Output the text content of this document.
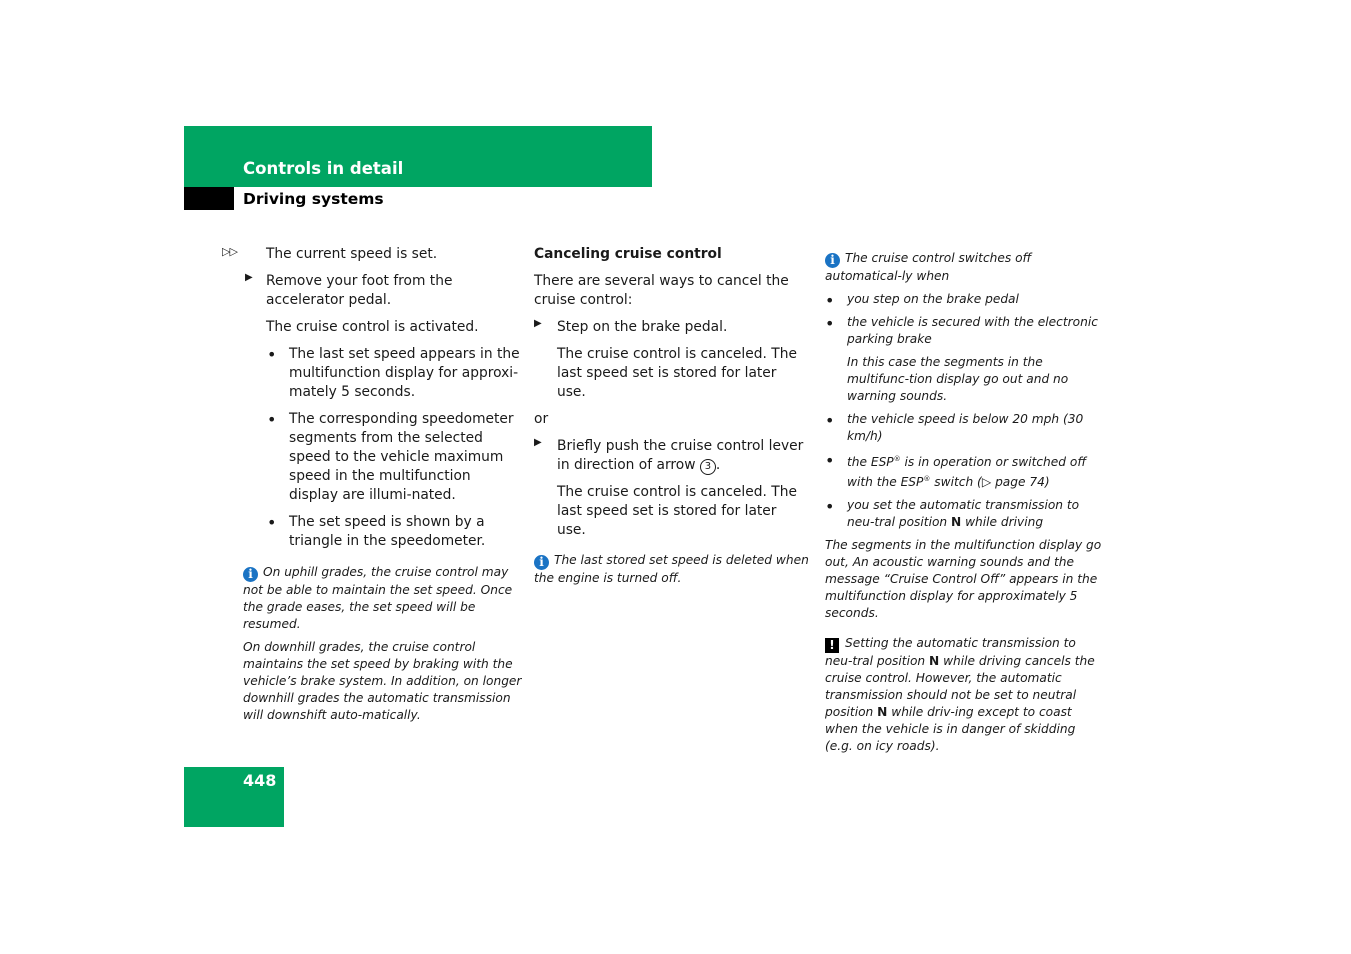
Controls in detail
Driving systems
▷▷ The current speed is set.

▶ Remove your foot from the accelerator pedal.

The cruise control is activated.

• The last set speed appears in the multifunction display for approxi-mately 5 seconds.

• The corresponding speedometer segments from the selected speed to the vehicle maximum speed in the multifunction display are illumi-nated.

• The set speed is shown by a triangle in the speedometer.

i On uphill grades, the cruise control may not be able to maintain the set speed. Once the grade eases, the set speed will be resumed.

On downhill grades, the cruise control maintains the set speed by braking with the vehicle’s brake system. In addition, on longer downhill grades the automatic transmission will downshift auto-matically.

Canceling cruise control

There are several ways to cancel the cruise control:

▶ Step on the brake pedal.

The cruise control is canceled. The last speed set is stored for later use.

or

▶ Briefly push the cruise control lever in direction of arrow 3 .

The cruise control is canceled. The last speed set is stored for later use.

i The last stored set speed is deleted when the engine is turned off.

i The cruise control switches off automatical-ly when

• you step on the brake pedal

• the vehicle is secured with the electronic parking brake

In this case the segments in the multifunc-tion display go out and no warning sounds.

• the vehicle speed is below 20 mph (30 km/h)

• the ESP® is in operation or switched off with the ESP® switch (▷ page 74)

• you set the automatic transmission to neu-tral position N while driving

The segments in the multifunction display go out, An acoustic warning sounds and the message “Cruise Control Off” appears in the multifunction display for approximately 5 seconds.

! Setting the automatic transmission to neu-tral position N while driving cancels the cruise control. However, the automatic transmission should not be set to neutral position N while driv-ing except to coast when the vehicle is in danger of skidding (e.g. on icy roads).

448
